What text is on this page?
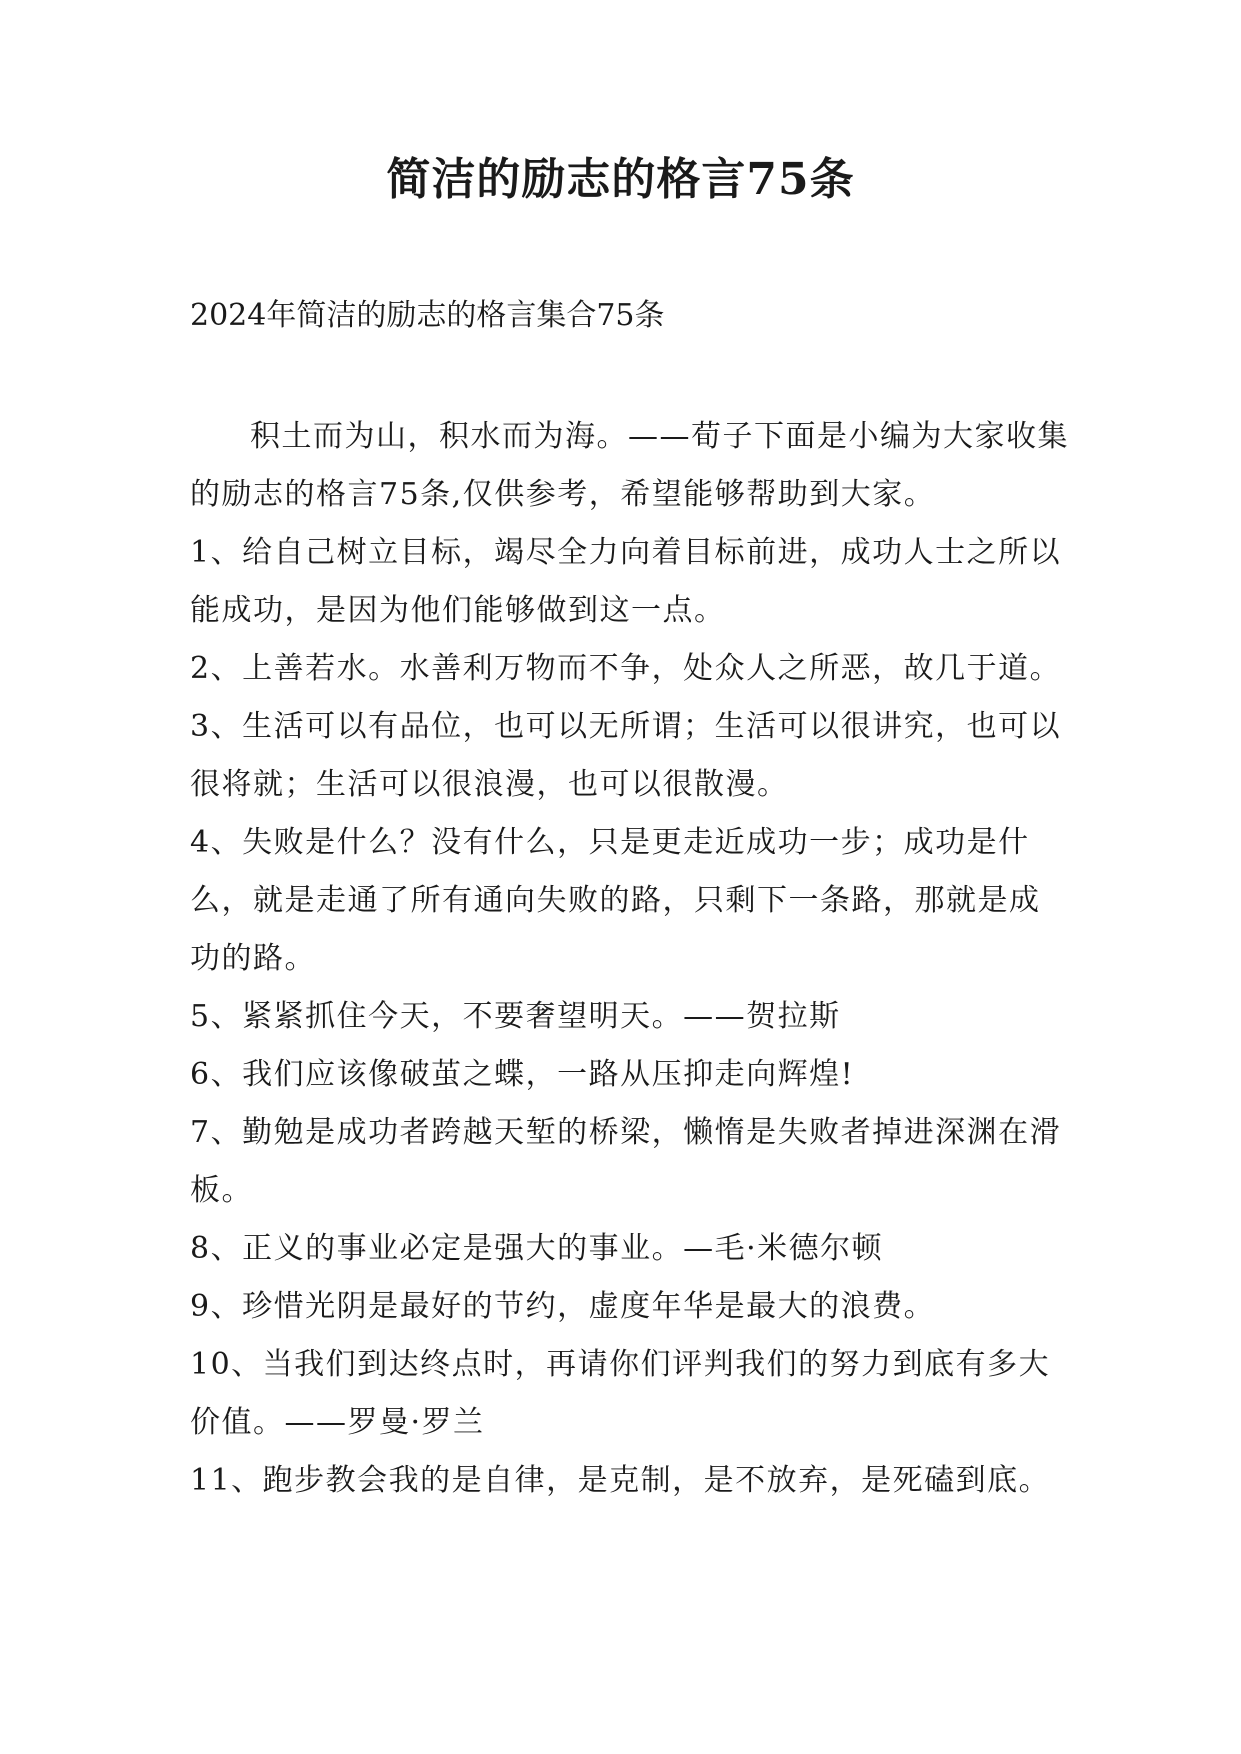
简洁的励志的格言75条

2024年简洁的励志的格言集合75条

积土而为山，积水而为海。——荀子下面是小编为大家收集的励志的格言75条,仅供参考，希望能够帮助到大家。

1、给自己树立目标，竭尽全力向着目标前进，成功人士之所以能成功，是因为他们能够做到这一点。

2、上善若水。水善利万物而不争，处众人之所恶，故几于道。

3、生活可以有品位，也可以无所谓；生活可以很讲究，也可以很将就；生活可以很浪漫，也可以很散漫。

4、失败是什么？没有什么，只是更走近成功一步；成功是什么，就是走通了所有通向失败的路，只剩下一条路，那就是成功的路。

5、紧紧抓住今天，不要奢望明天。——贺拉斯

6、我们应该像破茧之蝶，一路从压抑走向辉煌!

7、勤勉是成功者跨越天堑的桥梁，懒惰是失败者掉进深渊在滑板。

8、正义的事业必定是强大的事业。—毛·米德尔顿

9、珍惜光阴是最好的节约，虚度年华是最大的浪费。

10、当我们到达终点时，再请你们评判我们的努力到底有多大价值。——罗曼·罗兰

11、跑步教会我的是自律，是克制，是不放弃，是死磕到底。
